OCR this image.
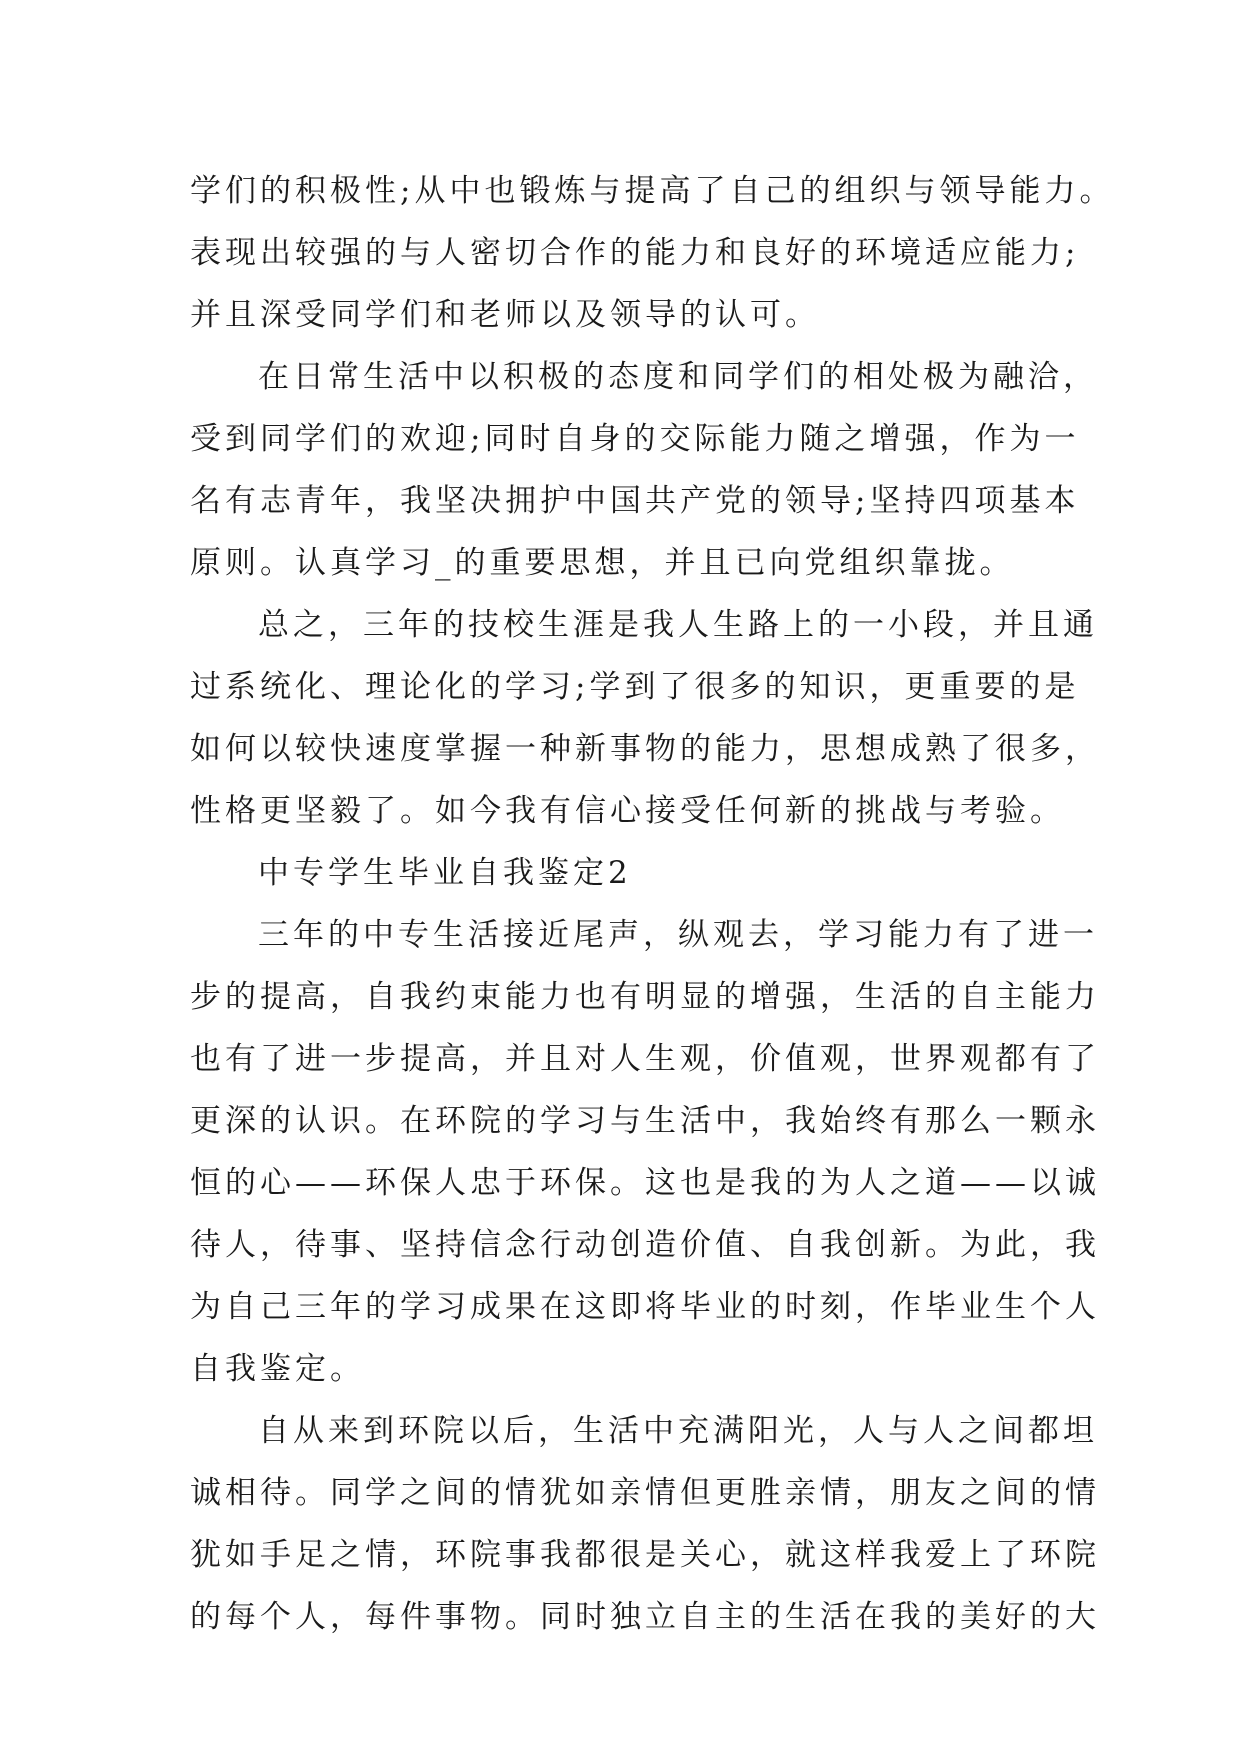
学们的积极性;从中也锻炼与提高了自己的组织与领导能力。
表现出较强的与人密切合作的能力和良好的环境适应能力;
并且深受同学们和老师以及领导的认可。
在日常生活中以积极的态度和同学们的相处极为融洽，
受到同学们的欢迎;同时自身的交际能力随之增强，作为一
名有志青年，我坚决拥护中国共产党的领导;坚持四项基本
原则。认真学习_的重要思想，并且已向党组织靠拢。
总之，三年的技校生涯是我人生路上的一小段，并且通
过系统化、理论化的学习;学到了很多的知识，更重要的是
如何以较快速度掌握一种新事物的能力，思想成熟了很多，
性格更坚毅了。如今我有信心接受任何新的挑战与考验。
中专学生毕业自我鉴定2
三年的中专生活接近尾声，纵观去，学习能力有了进一
步的提高，自我约束能力也有明显的增强，生活的自主能力
也有了进一步提高，并且对人生观，价值观，世界观都有了
更深的认识。在环院的学习与生活中，我始终有那么一颗永
恒的心——环保人忠于环保。这也是我的为人之道——以诚
待人，待事、坚持信念行动创造价值、自我创新。为此，我
为自己三年的学习成果在这即将毕业的时刻，作毕业生个人
自我鉴定。
自从来到环院以后，生活中充满阳光，人与人之间都坦
诚相待。同学之间的情犹如亲情但更胜亲情，朋友之间的情
犹如手足之情，环院事我都很是关心，就这样我爱上了环院
的每个人，每件事物。同时独立自主的生活在我的美好的大
